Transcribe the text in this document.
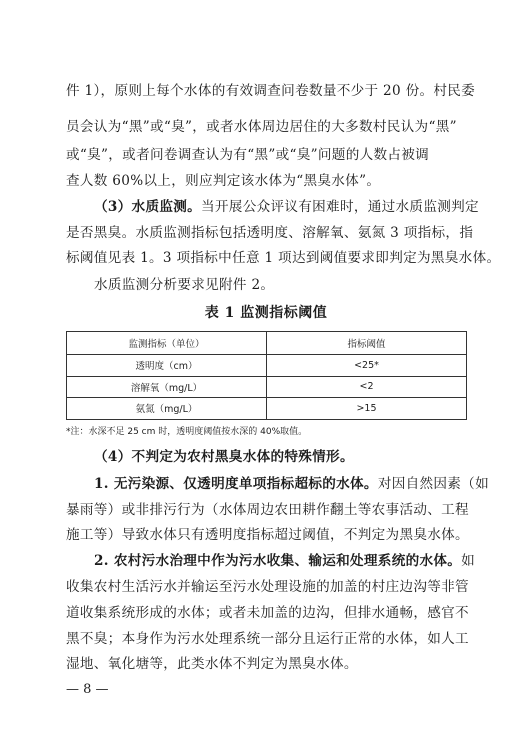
件 1），原则上每个水体的有效调查问卷数量不少于 20 份。村民委
员会认为“黑”或“臭”，或者水体周边居住的大多数村民认为“黑”
或“臭”，或者问卷调查认为有“黑”或“臭”问题的人数占被调
查人数 60%以上，则应判定该水体为“黑臭水体”。
（3）水质监测。当开展公众评议有困难时，通过水质监测判定
是否黑臭。水质监测指标包括透明度、溶解氧、氨氮 3 项指标，指
标阈值见表 1。3 项指标中任意 1 项达到阈值要求即判定为黑臭水体。
水质监测分析要求见附件 2。
表 1 监测指标阈值
监测指标（单位）	指标阈值
透明度（cm）	<25*
溶解氧（mg/L）	<2
氨氮（mg/L）	>15
*注：水深不足 25 cm 时，透明度阈值按水深的 40%取值。
（4）不判定为农村黑臭水体的特殊情形。
1. 无污染源、仅透明度单项指标超标的水体。对因自然因素（如
暴雨等）或非排污行为（水体周边农田耕作翻土等农事活动、工程
施工等）导致水体只有透明度指标超过阈值，不判定为黑臭水体。
2. 农村污水治理中作为污水收集、输运和处理系统的水体。如
收集农村生活污水并输运至污水处理设施的加盖的村庄边沟等非管
道收集系统形成的水体；或者未加盖的边沟，但排水通畅，感官不
黑不臭；本身作为污水处理系统一部分且运行正常的水体，如人工
湿地、氧化塘等，此类水体不判定为黑臭水体。
— 8 —
